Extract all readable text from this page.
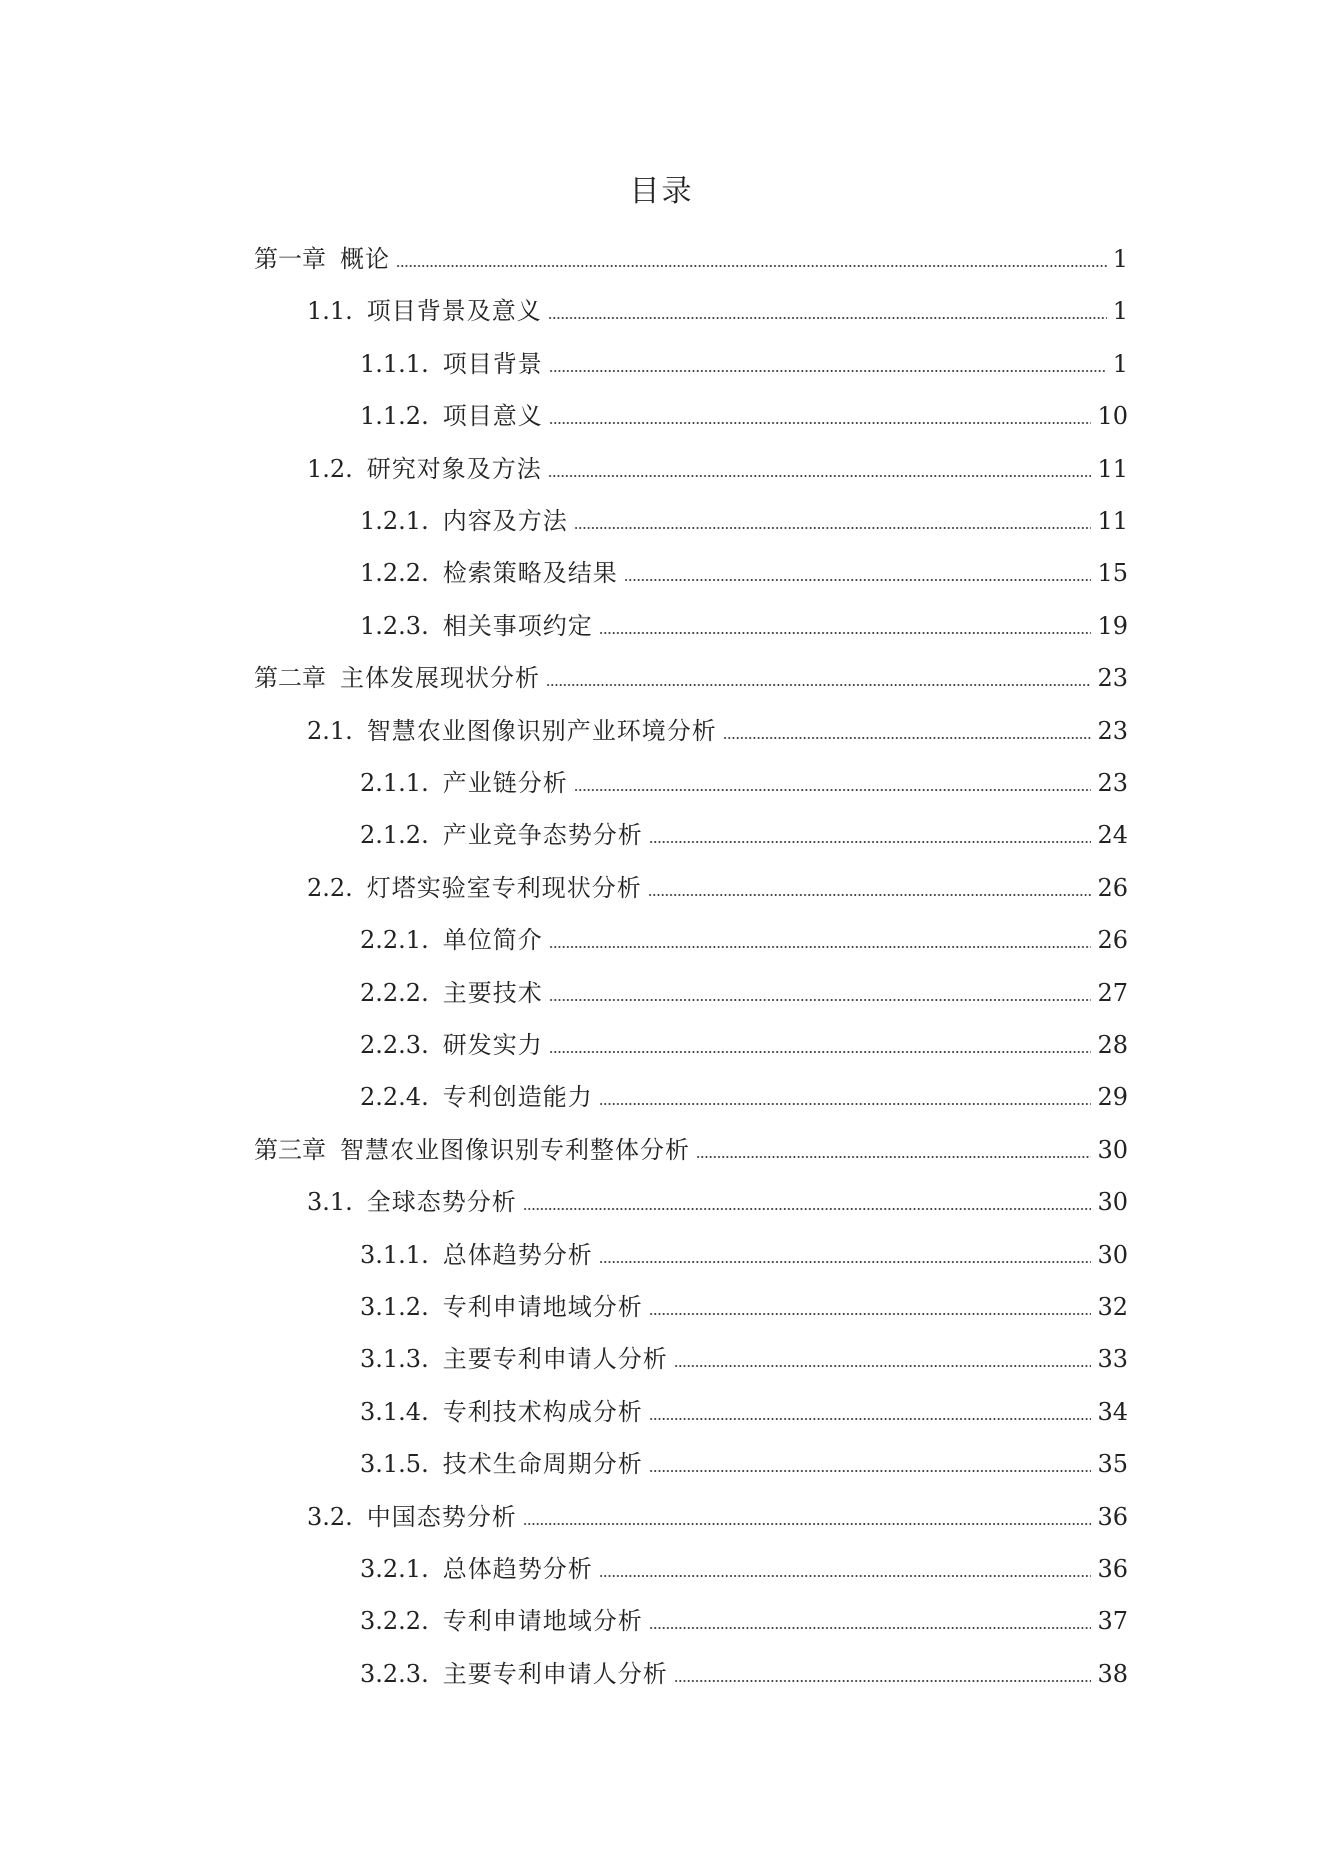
目录
第一章 概论	1
1.1. 项目背景及意义	1
1.1.1. 项目背景	1
1.1.2. 项目意义	10
1.2. 研究对象及方法	11
1.2.1. 内容及方法	11
1.2.2. 检索策略及结果	15
1.2.3. 相关事项约定	19
第二章 主体发展现状分析	23
2.1. 智慧农业图像识别产业环境分析	23
2.1.1. 产业链分析	23
2.1.2. 产业竞争态势分析	24
2.2. 灯塔实验室专利现状分析	26
2.2.1. 单位简介	26
2.2.2. 主要技术	27
2.2.3. 研发实力	28
2.2.4. 专利创造能力	29
第三章 智慧农业图像识别专利整体分析	30
3.1. 全球态势分析	30
3.1.1. 总体趋势分析	30
3.1.2. 专利申请地域分析	32
3.1.3. 主要专利申请人分析	33
3.1.4. 专利技术构成分析	34
3.1.5. 技术生命周期分析	35
3.2. 中国态势分析	36
3.2.1. 总体趋势分析	36
3.2.2. 专利申请地域分析	37
3.2.3. 主要专利申请人分析	38
